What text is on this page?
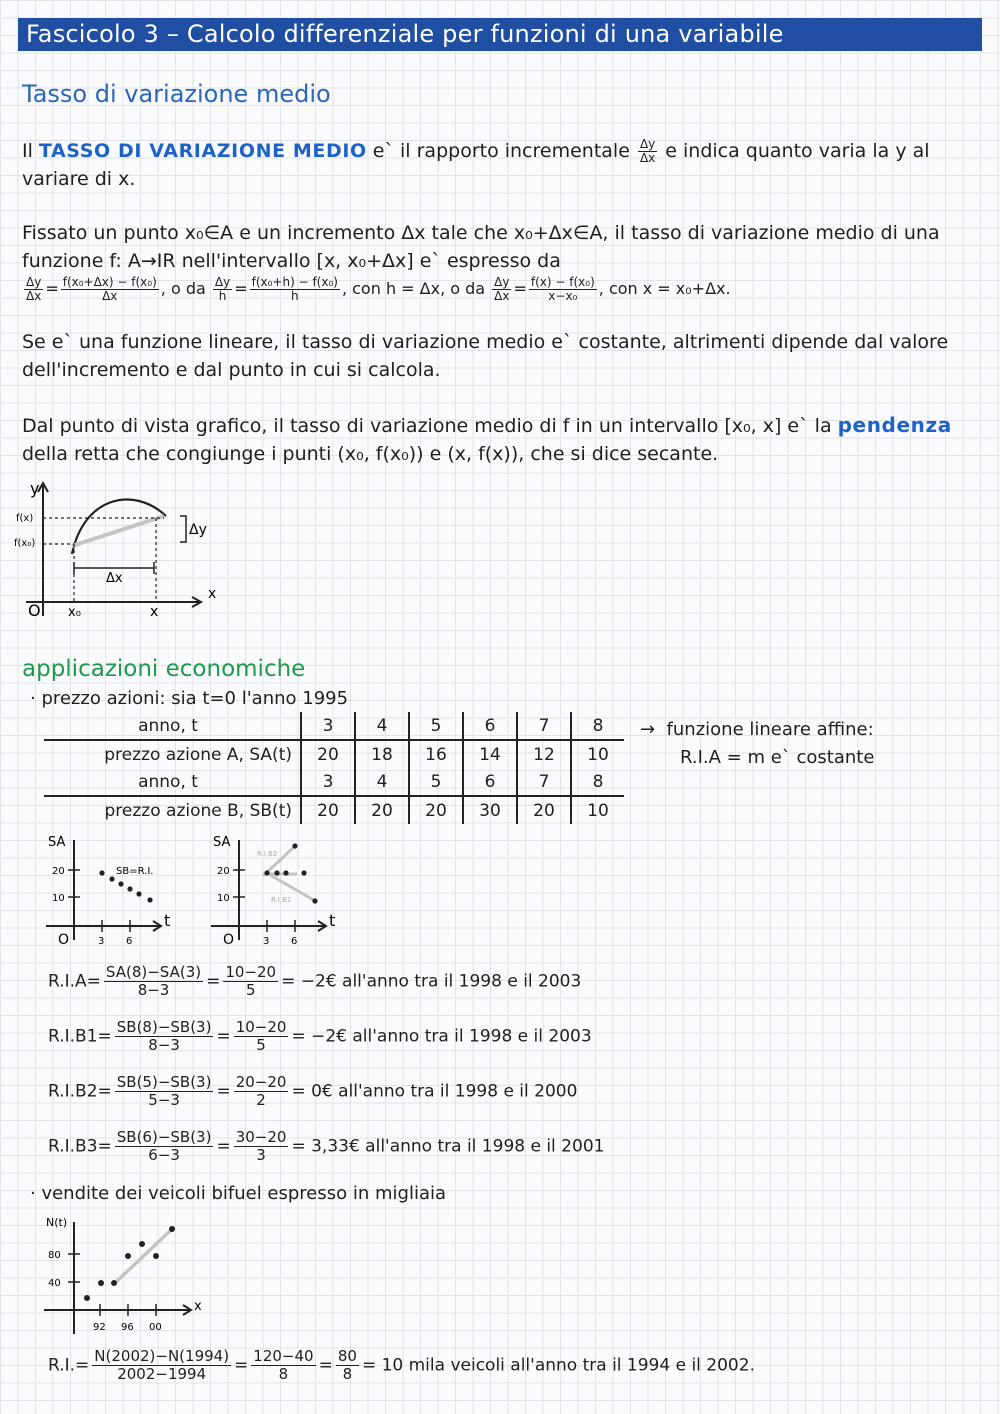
Fascicolo 3 – Calcolo differenziale per funzioni di una variabile
Tasso di variazione medio
Il TASSO DI VARIAZIONE MEDIO e` il rapporto incrementale $\frac{\Delta y}{\Delta x}$ e indica quanto varia la y al variare di x.
Fissato un punto x₀∈A e un incremento Δx tale che x₀+Δx∈A, il tasso di variazione medio di una funzione f: A→IR nell'intervallo [x, x₀+Δx] e` espresso da
$\frac{\Delta y}{\Delta x} = \frac{\text{f(x₀+Δx) − f(x₀)}}{\Delta x}$ , o da $\frac{\Delta y}{h} = \frac{\text{f(x₀+h) − f(x₀)}}{h}$ , con h = Δx, o da $\frac{\Delta y}{\Delta x} = \frac{\text{f(x) − f(x₀)}}{\text{x−x₀}}$ , con x = x₀+Δx.
Se e` una funzione lineare, il tasso di variazione medio e` costante, altrimenti dipende dal valore dell'incremento e dal punto in cui si calcola.
Dal punto di vista grafico, il tasso di variazione medio di f in un intervallo [x₀, x] e` la pendenza della retta che congiunge i punti (x₀, f(x₀)) e (x, f(x)), che si dice secante.
y
x
f(x)
f(x₀)
Δx
Δy
O x₀	x
applicazioni economiche
· prezzo azioni: sia t=0 l'anno 1995
anno, t	3	4	5	6	7	8
prezzo azione A, SA(t)	20	18	16	14	12	10
anno, t	3	4	5	6	7	8
prezzo azione B, SB(t)	20	20	20	30	20	10
→ funzione lineare affine:
R.I.A = m e` costante
SA
SB=R.I.
t
O
20
10
3 6
R.I.B2
R.I.B1
SA
t
O
20
10
3 6
$R.I.A= \frac{SA(8)-SA(3)}{8-3} = \frac{10-20}{5}$ = −2€ all'anno tra il 1998 e il 2003
$R.I.B1= \frac{SB(8)-SB(3)}{8-3} = \frac{10-20}{5}$ = −2€ all'anno tra il 1998 e il 2003
$R.I.B2= \frac{SB(5)-SB(3)}{5-3} = \frac{20-20}{2}$ = 0€ all'anno tra il 1998 e il 2000
$R.I.B3= \frac{SB(6)-SB(3)}{6-3} = \frac{30-20}{3}$ = 3,33€ all'anno tra il 1998 e il 2001
· vendite dei veicoli bifuel espresso in migliaia
N(t)
80
40
92 96 00
x
$R.I.= \frac{N(2002)-N(1994)}{2002-1994} = \frac{120-40}{8} = \frac{80}{8} = 10$ mila veicoli all'anno tra il 1994 e il 2002.
